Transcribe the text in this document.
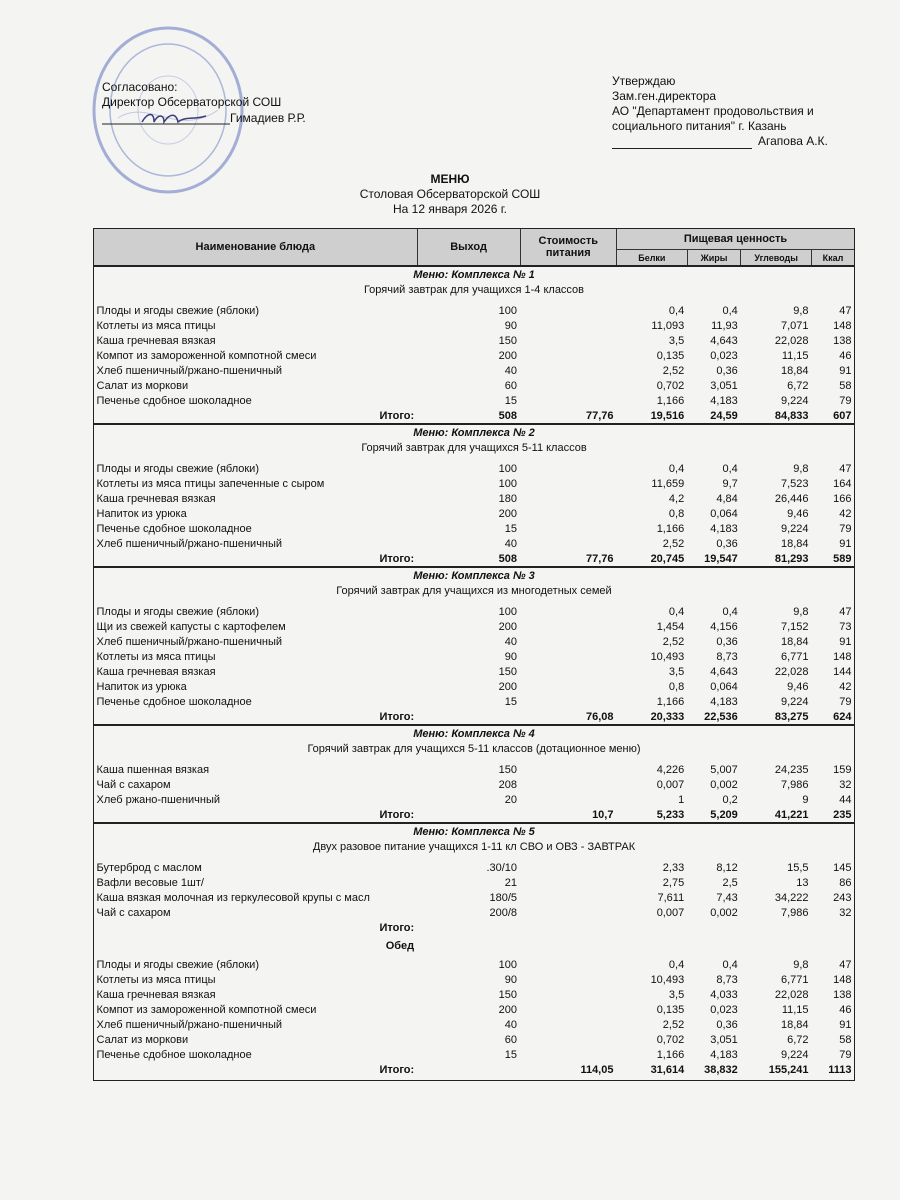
Согласовано:
Директор Обсерваторской СОШ
Гимадиев Р.Р.
Утверждаю
Зам.ген.директора
АО "Департамент продовольствия и
социального питания" г. Казань
Агапова А.К.
МЕНЮ
Столовая Обсерваторской СОШ
На 12 января 2026 г.
Наименование блюда	Выход	Стоимость питания	Пищевая ценность			
			Белки	Жиры	Углеводы	Ккал
Меню: Комплекса № 1						
Горячий завтрак для учащихся 1-4 классов						

Плоды и ягоды свежие (яблоки)	100		0,4	0,4	9,8	47
Котлеты из мяса птицы	90		11,093	11,93	7,071	148
Каша гречневая вязкая	150		3,5	4,643	22,028	138
Компот из замороженной компотной смеси	200		0,135	0,023	11,15	46
Хлеб пшеничный/ржано-пшеничный	40		2,52	0,36	18,84	91
Салат из моркови	60		0,702	3,051	6,72	58
Печенье сдобное шоколадное	15		1,166	4,183	9,224	79
Итого:	508	77,76	19,516	24,59	84,833	607
Меню: Комплекса № 2						
Горячий завтрак для учащихся 5-11 классов						

Плоды и ягоды свежие (яблоки)	100		0,4	0,4	9,8	47
Котлеты из мяса птицы запеченные с сыром	100		11,659	9,7	7,523	164
Каша гречневая вязкая	180		4,2	4,84	26,446	166
Напиток из урюка	200		0,8	0,064	9,46	42
Печенье сдобное шоколадное	15		1,166	4,183	9,224	79
Хлеб пшеничный/ржано-пшеничный	40		2,52	0,36	18,84	91
Итого:	508	77,76	20,745	19,547	81,293	589
Меню: Комплекса № 3						
Горячий завтрак для учащихся из многодетных семей						

Плоды и ягоды свежие (яблоки)	100		0,4	0,4	9,8	47
Щи из свежей капусты с картофелем	200		1,454	4,156	7,152	73
Хлеб пшеничный/ржано-пшеничный	40		2,52	0,36	18,84	91
Котлеты из мяса птицы	90		10,493	8,73	6,771	148
Каша гречневая вязкая	150		3,5	4,643	22,028	144
Напиток из урюка	200		0,8	0,064	9,46	42
Печенье сдобное шоколадное	15		1,166	4,183	9,224	79
Итого:		76,08	20,333	22,536	83,275	624
Меню: Комплекса № 4						
Горячий завтрак для учащихся 5-11 классов (дотационное меню)						

Каша пшенная вязкая	150		4,226	5,007	24,235	159
Чай с сахаром	208		0,007	0,002	7,986	32
Хлеб ржано-пшеничный	20		1	0,2	9	44
Итого:		10,7	5,233	5,209	41,221	235
Меню: Комплекса № 5						
Двух разовое питание учащихся 1-11 кл СВО и ОВЗ - ЗАВТРАК						

Бутерброд с маслом	.30/10		2,33	8,12	15,5	145
Вафли весовые 1шт/	21		2,75	2,5	13	86
Каша вязкая молочная из геркулесовой крупы с масл	180/5		7,611	7,43	34,222	243
Чай с сахаром	200/8		0,007	0,002	7,986	32
Итого:						
Обед						
Плоды и ягоды свежие (яблоки)	100		0,4	0,4	9,8	47
Котлеты из мяса птицы	90		10,493	8,73	6,771	148
Каша гречневая вязкая	150		3,5	4,033	22,028	138
Компот из замороженной компотной смеси	200		0,135	0,023	11,15	46
Хлеб пшеничный/ржано-пшеничный	40		2,52	0,36	18,84	91
Салат из моркови	60		0,702	3,051	6,72	58
Печенье сдобное шоколадное	15		1,166	4,183	9,224	79
Итого:		114,05	31,614	38,832	155,241	1113
